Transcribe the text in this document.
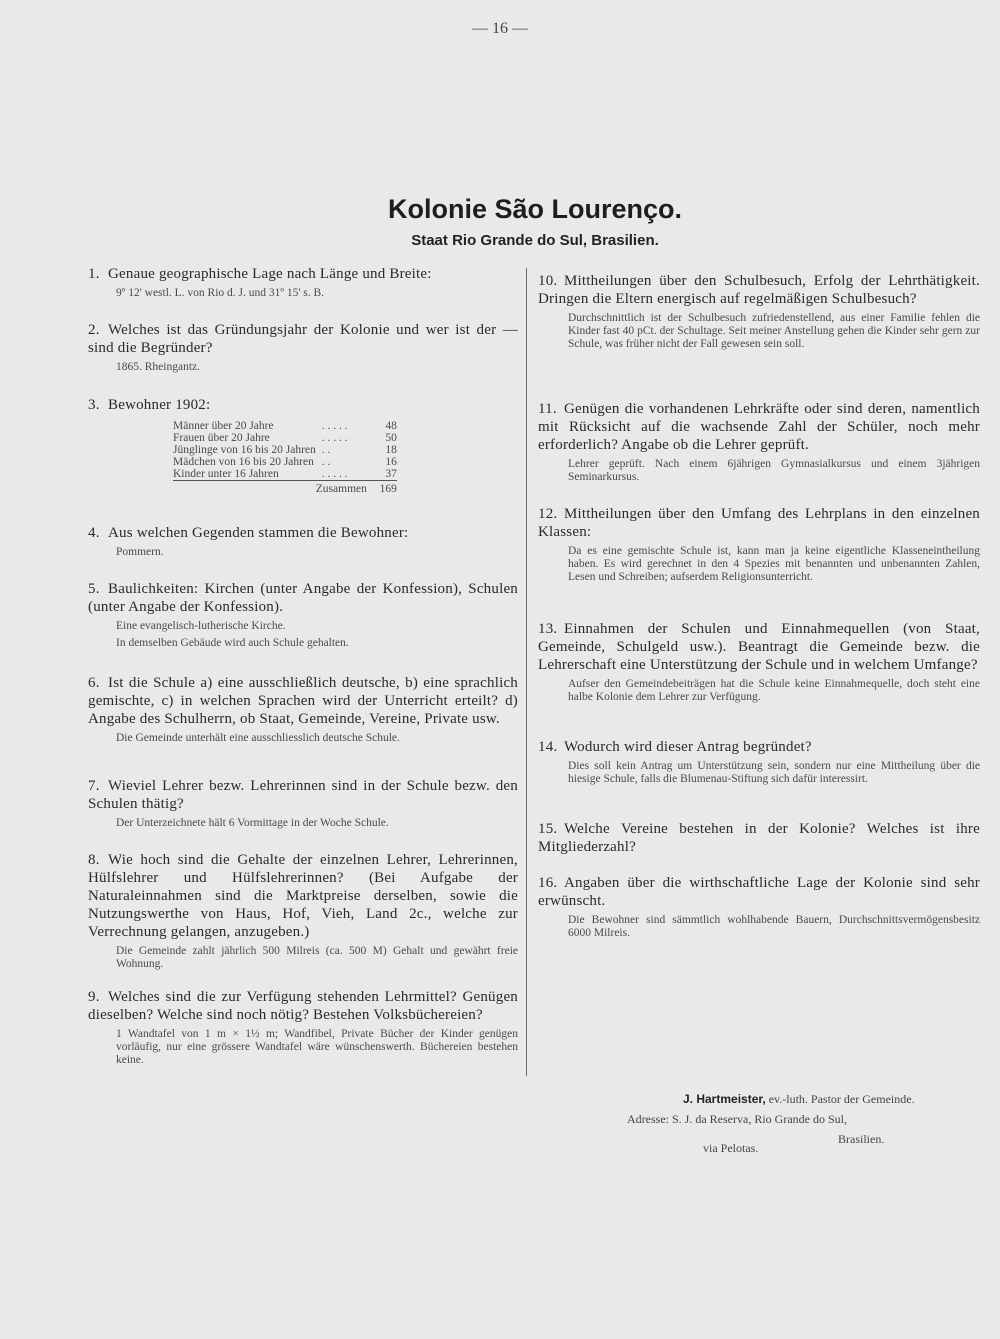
— 16 —
Kolonie São Lourenço.
Staat Rio Grande do Sul, Brasilien.
1. Genaue geographische Lage nach Länge und Breite:

9º 12' westl. L. von Rio d. J. und 31º 15' s. B.

2. Welches ist das Gründungsjahr der Kolonie und wer ist der — sind die Begründer?

1865. Rheingantz.

3. Bewohner 1902:
Männer über 20 Jahre	. . . . .	48
Frauen über 20 Jahre	. . . . .	50
Jünglinge von 16 bis 20 Jahren	. .	18
Mädchen von 16 bis 20 Jahren	. .	16
Kinder unter 16 Jahren	. . . . .	37
	Zusammen	169
4. Aus welchen Gegenden stammen die Bewohner:

Pommern.

5. Baulichkeiten: Kirchen (unter Angabe der Konfession), Schulen (unter Angabe der Konfession).

Eine evangelisch-lutherische Kirche.

In demselben Gebäude wird auch Schule gehalten.

6. Ist die Schule a) eine ausschließlich deutsche, b) eine sprachlich gemischte, c) in welchen Sprachen wird der Unterricht erteilt? d) Angabe des Schulherrn, ob Staat, Gemeinde, Vereine, Private usw.

Die Gemeinde unterhält eine ausschliesslich deutsche Schule.

7. Wieviel Lehrer bezw. Lehrerinnen sind in der Schule bezw. den Schulen thätig?

Der Unterzeichnete hält 6 Vormittage in der Woche Schule.

8. Wie hoch sind die Gehalte der einzelnen Lehrer, Lehrerinnen, Hülfslehrer und Hülfslehrerinnen? (Bei Aufgabe der Naturaleinnahmen sind die Marktpreise derselben, sowie die Nutzungswerthe von Haus, Hof, Vieh, Land 2c., welche zur Verrechnung gelangen, anzugeben.)

Die Gemeinde zahlt jährlich 500 Milreis (ca. 500 M) Gehalt und gewährt freie Wohnung.

9. Welches sind die zur Verfügung stehenden Lehrmittel? Genügen dieselben? Welche sind noch nötig? Bestehen Volksbüchereien?

1 Wandtafel von 1 m × 1½ m; Wandfibel, Private Bücher der Kinder genügen vorläufig, nur eine grössere Wandtafel wäre wünschenswerth. Büchereien bestehen keine.

10. Mittheilungen über den Schulbesuch, Erfolg der Lehrthätigkeit. Dringen die Eltern energisch auf regelmäßigen Schulbesuch?

Durchschnittlich ist der Schulbesuch zufriedenstellend, aus einer Familie fehlen die Kinder fast 40 pCt. der Schultage. Seit meiner Anstellung gehen die Kinder sehr gern zur Schule, was früher nicht der Fall gewesen sein soll.

11. Genügen die vorhandenen Lehrkräfte oder sind deren, namentlich mit Rücksicht auf die wachsende Zahl der Schüler, noch mehr erforderlich? Angabe ob die Lehrer geprüft.

Lehrer geprüft. Nach einem 6jährigen Gymnasialkursus und einem 3jährigen Seminarkursus.

12. Mittheilungen über den Umfang des Lehrplans in den einzelnen Klassen:

Da es eine gemischte Schule ist, kann man ja keine eigentliche Klasseneintheilung haben. Es wird gerechnet in den 4 Spezies mit benannten und unbenannten Zahlen, Lesen und Schreiben; aufserdem Religionsunterricht.

13. Einnahmen der Schulen und Einnahmequellen (von Staat, Gemeinde, Schulgeld usw.). Beantragt die Gemeinde bezw. die Lehrerschaft eine Unterstützung der Schule und in welchem Umfange?

Aufser den Gemeindebeiträgen hat die Schule keine Einnahmequelle, doch steht eine halbe Kolonie dem Lehrer zur Verfügung.

14. Wodurch wird dieser Antrag begründet?

Dies soll kein Antrag um Unterstützung sein, sondern nur eine Mittheilung über die hiesige Schule, falls die Blumenau-Stiftung sich dafür interessirt.

15. Welche Vereine bestehen in der Kolonie? Welches ist ihre Mitgliederzahl?
16. Angaben über die wirthschaftliche Lage der Kolonie sind sehr erwünscht.

Die Bewohner sind sämmtlich wohlhabende Bauern, Durchschnittsvermögensbesitz 6000 Milreis.

J. Hartmeister, ev.-luth. Pastor der Gemeinde.
Adresse: S. J. da Reserva, Rio Grande do Sul,
Brasilien.
via Pelotas.
